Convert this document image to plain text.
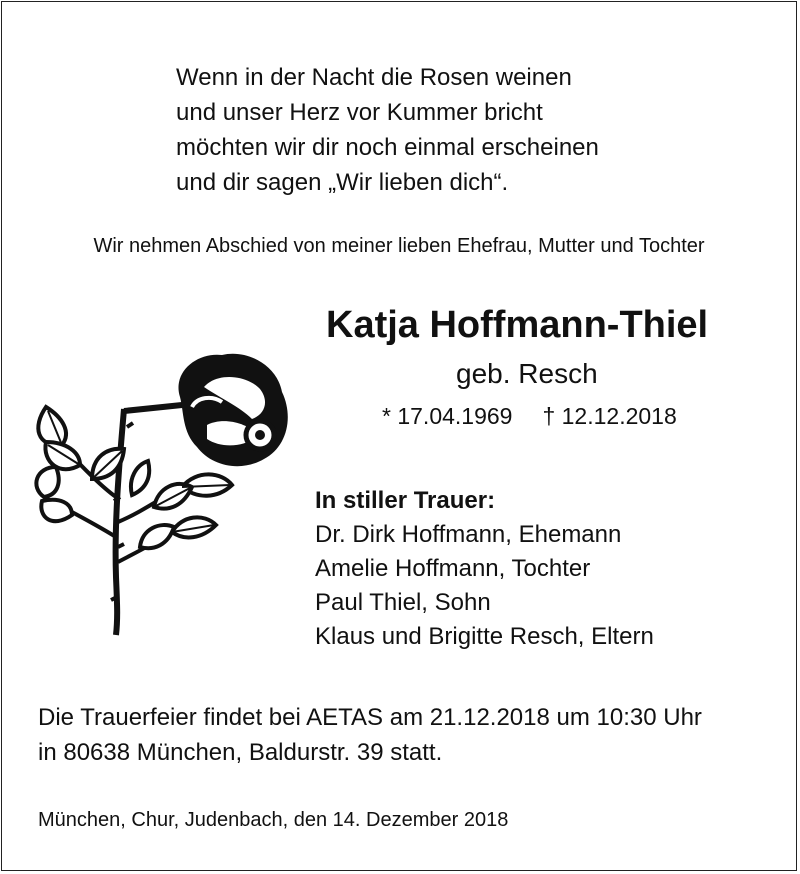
Wenn in der Nacht die Rosen weinen
und unser Herz vor Kummer bricht
möchten wir dir noch einmal erscheinen
und dir sagen „Wir lieben dich“.
Wir nehmen Abschied von meiner lieben Ehefrau, Mutter und Tochter
Katja Hoffmann-Thiel
geb. Resch
* 17.04.1969 † 12.12.2018
In stiller Trauer:
Dr. Dirk Hoffmann, Ehemann
Amelie Hoffmann, Tochter
Paul Thiel, Sohn
Klaus und Brigitte Resch, Eltern
Die Trauerfeier findet bei AETAS am 21.12.2018 um 10:30 Uhr
in 80638 München, Baldurstr. 39 statt.
München, Chur, Judenbach, den 14. Dezember 2018
